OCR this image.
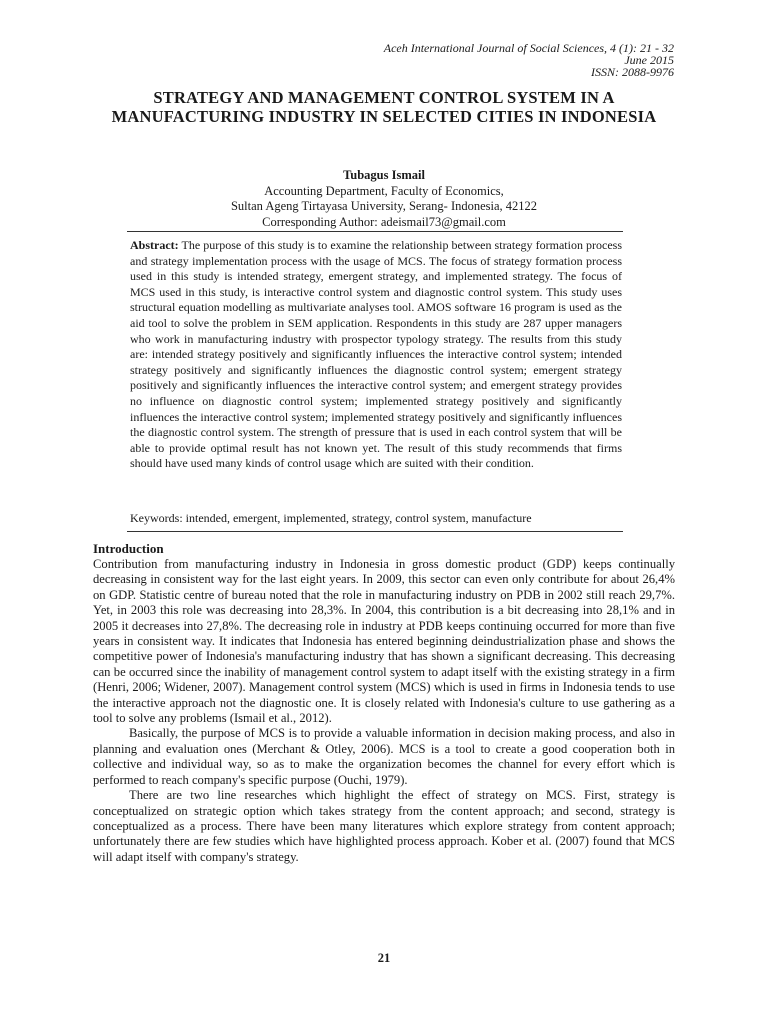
Aceh International Journal of Social Sciences, 4 (1): 21 - 32
June 2015
ISSN: 2088-9976
STRATEGY AND MANAGEMENT CONTROL SYSTEM IN A MANUFACTURING INDUSTRY IN SELECTED CITIES IN INDONESIA
Tubagus Ismail
Accounting Department, Faculty of Economics,
Sultan Ageng Tirtayasa University, Serang- Indonesia, 42122
Corresponding Author: adeismail73@gmail.com
Abstract: The purpose of this study is to examine the relationship between strategy formation process and strategy implementation process with the usage of MCS. The focus of strategy formation process used in this study is intended strategy, emergent strategy, and implemented strategy. The focus of MCS used in this study, is interactive control system and diagnostic control system. This study uses structural equation modelling as multivariate analyses tool. AMOS software 16 program is used as the aid tool to solve the problem in SEM application. Respondents in this study are 287 upper managers who work in manufacturing industry with prospector typology strategy. The results from this study are: intended strategy positively and significantly influences the interactive control system; intended strategy positively and significantly influences the diagnostic control system; emergent strategy positively and significantly influences the interactive control system; and emergent strategy provides no influence on diagnostic control system; implemented strategy positively and significantly influences the interactive control system; implemented strategy positively and significantly influences the diagnostic control system. The strength of pressure that is used in each control system that will be able to provide optimal result has not known yet. The result of this study recommends that firms should have used many kinds of control usage which are suited with their condition.
Keywords: intended, emergent, implemented, strategy, control system, manufacture
Introduction

Contribution from manufacturing industry in Indonesia in gross domestic product (GDP) keeps continually decreasing in consistent way for the last eight years. In 2009, this sector can even only contribute for about 26,4% on GDP. Statistic centre of bureau noted that the role in manufacturing industry on PDB in 2002 still reach 29,7%. Yet, in 2003 this role was decreasing into 28,3%. In 2004, this contribution is a bit decreasing into 28,1% and in 2005 it decreases into 27,8%. The decreasing role in industry at PDB keeps continuing occurred for more than five years in consistent way. It indicates that Indonesia has entered beginning deindustrialization phase and shows the competitive power of Indonesia's manufacturing industry that has shown a significant decreasing. This decreasing can be occurred since the inability of management control system to adapt itself with the existing strategy in a firm (Henri, 2006; Widener, 2007). Management control system (MCS) which is used in firms in Indonesia tends to use the interactive approach not the diagnostic one. It is closely related with Indonesia's culture to use gathering as a tool to solve any problems (Ismail et al., 2012).

Basically, the purpose of MCS is to provide a valuable information in decision making process, and also in planning and evaluation ones (Merchant & Otley, 2006). MCS is a tool to create a good cooperation both in collective and individual way, so as to make the organization becomes the channel for every effort which is performed to reach company's specific purpose (Ouchi, 1979).

There are two line researches which highlight the effect of strategy on MCS. First, strategy is conceptualized on strategic option which takes strategy from the content approach; and second, strategy is conceptualized as a process. There have been many literatures which explore strategy from content approach; unfortunately there are few studies which have highlighted process approach. Kober et al. (2007) found that MCS will adapt itself with company's strategy.

21
